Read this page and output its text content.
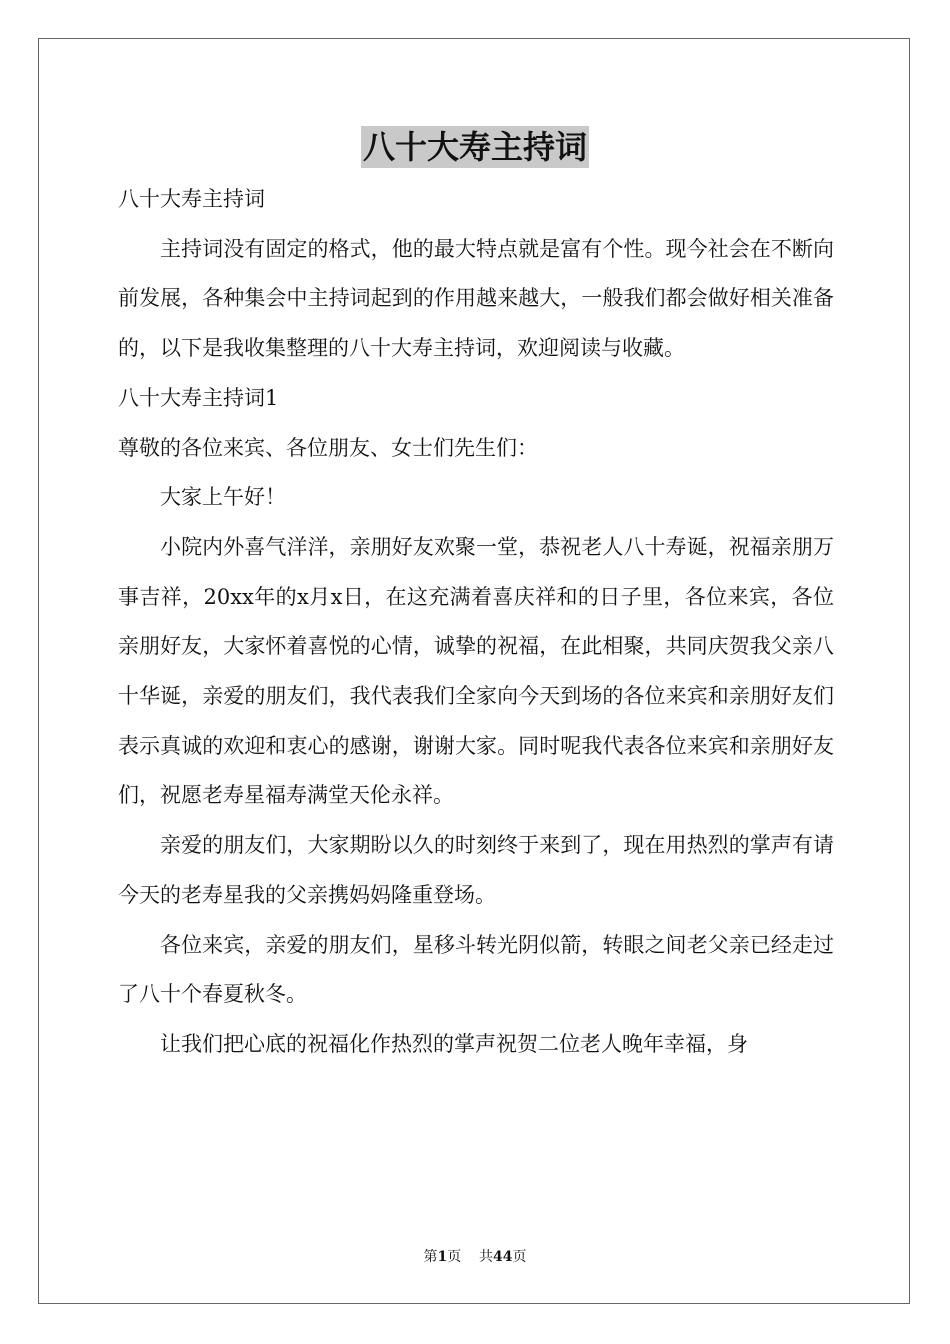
八十大寿主持词

八十大寿主持词

主持词没有固定的格式，他的最大特点就是富有个性。现今社会在不断向前发展，各种集会中主持词起到的作用越来越大，一般我们都会做好相关准备的，以下是我收集整理的八十大寿主持词，欢迎阅读与收藏。

八十大寿主持词1

尊敬的各位来宾、各位朋友、女士们先生们：

大家上午好！

小院内外喜气洋洋，亲朋好友欢聚一堂，恭祝老人八十寿诞，祝福亲朋万事吉祥，20xx年的x月x日，在这充满着喜庆祥和的日子里，各位来宾，各位亲朋好友，大家怀着喜悦的心情，诚挚的祝福，在此相聚，共同庆贺我父亲八十华诞，亲爱的朋友们，我代表我们全家向今天到场的各位来宾和亲朋好友们表示真诚的欢迎和衷心的感谢，谢谢大家。同时呢我代表各位来宾和亲朋好友们，祝愿老寿星福寿满堂天伦永祥。

亲爱的朋友们，大家期盼以久的时刻终于来到了，现在用热烈的掌声有请今天的老寿星我的父亲携妈妈隆重登场。

各位来宾，亲爱的朋友们，星移斗转光阴似箭，转眼之间老父亲已经走过了八十个春夏秋冬。

让我们把心底的祝福化作热烈的掌声祝贺二位老人晚年幸福，身

第1页 共44页
